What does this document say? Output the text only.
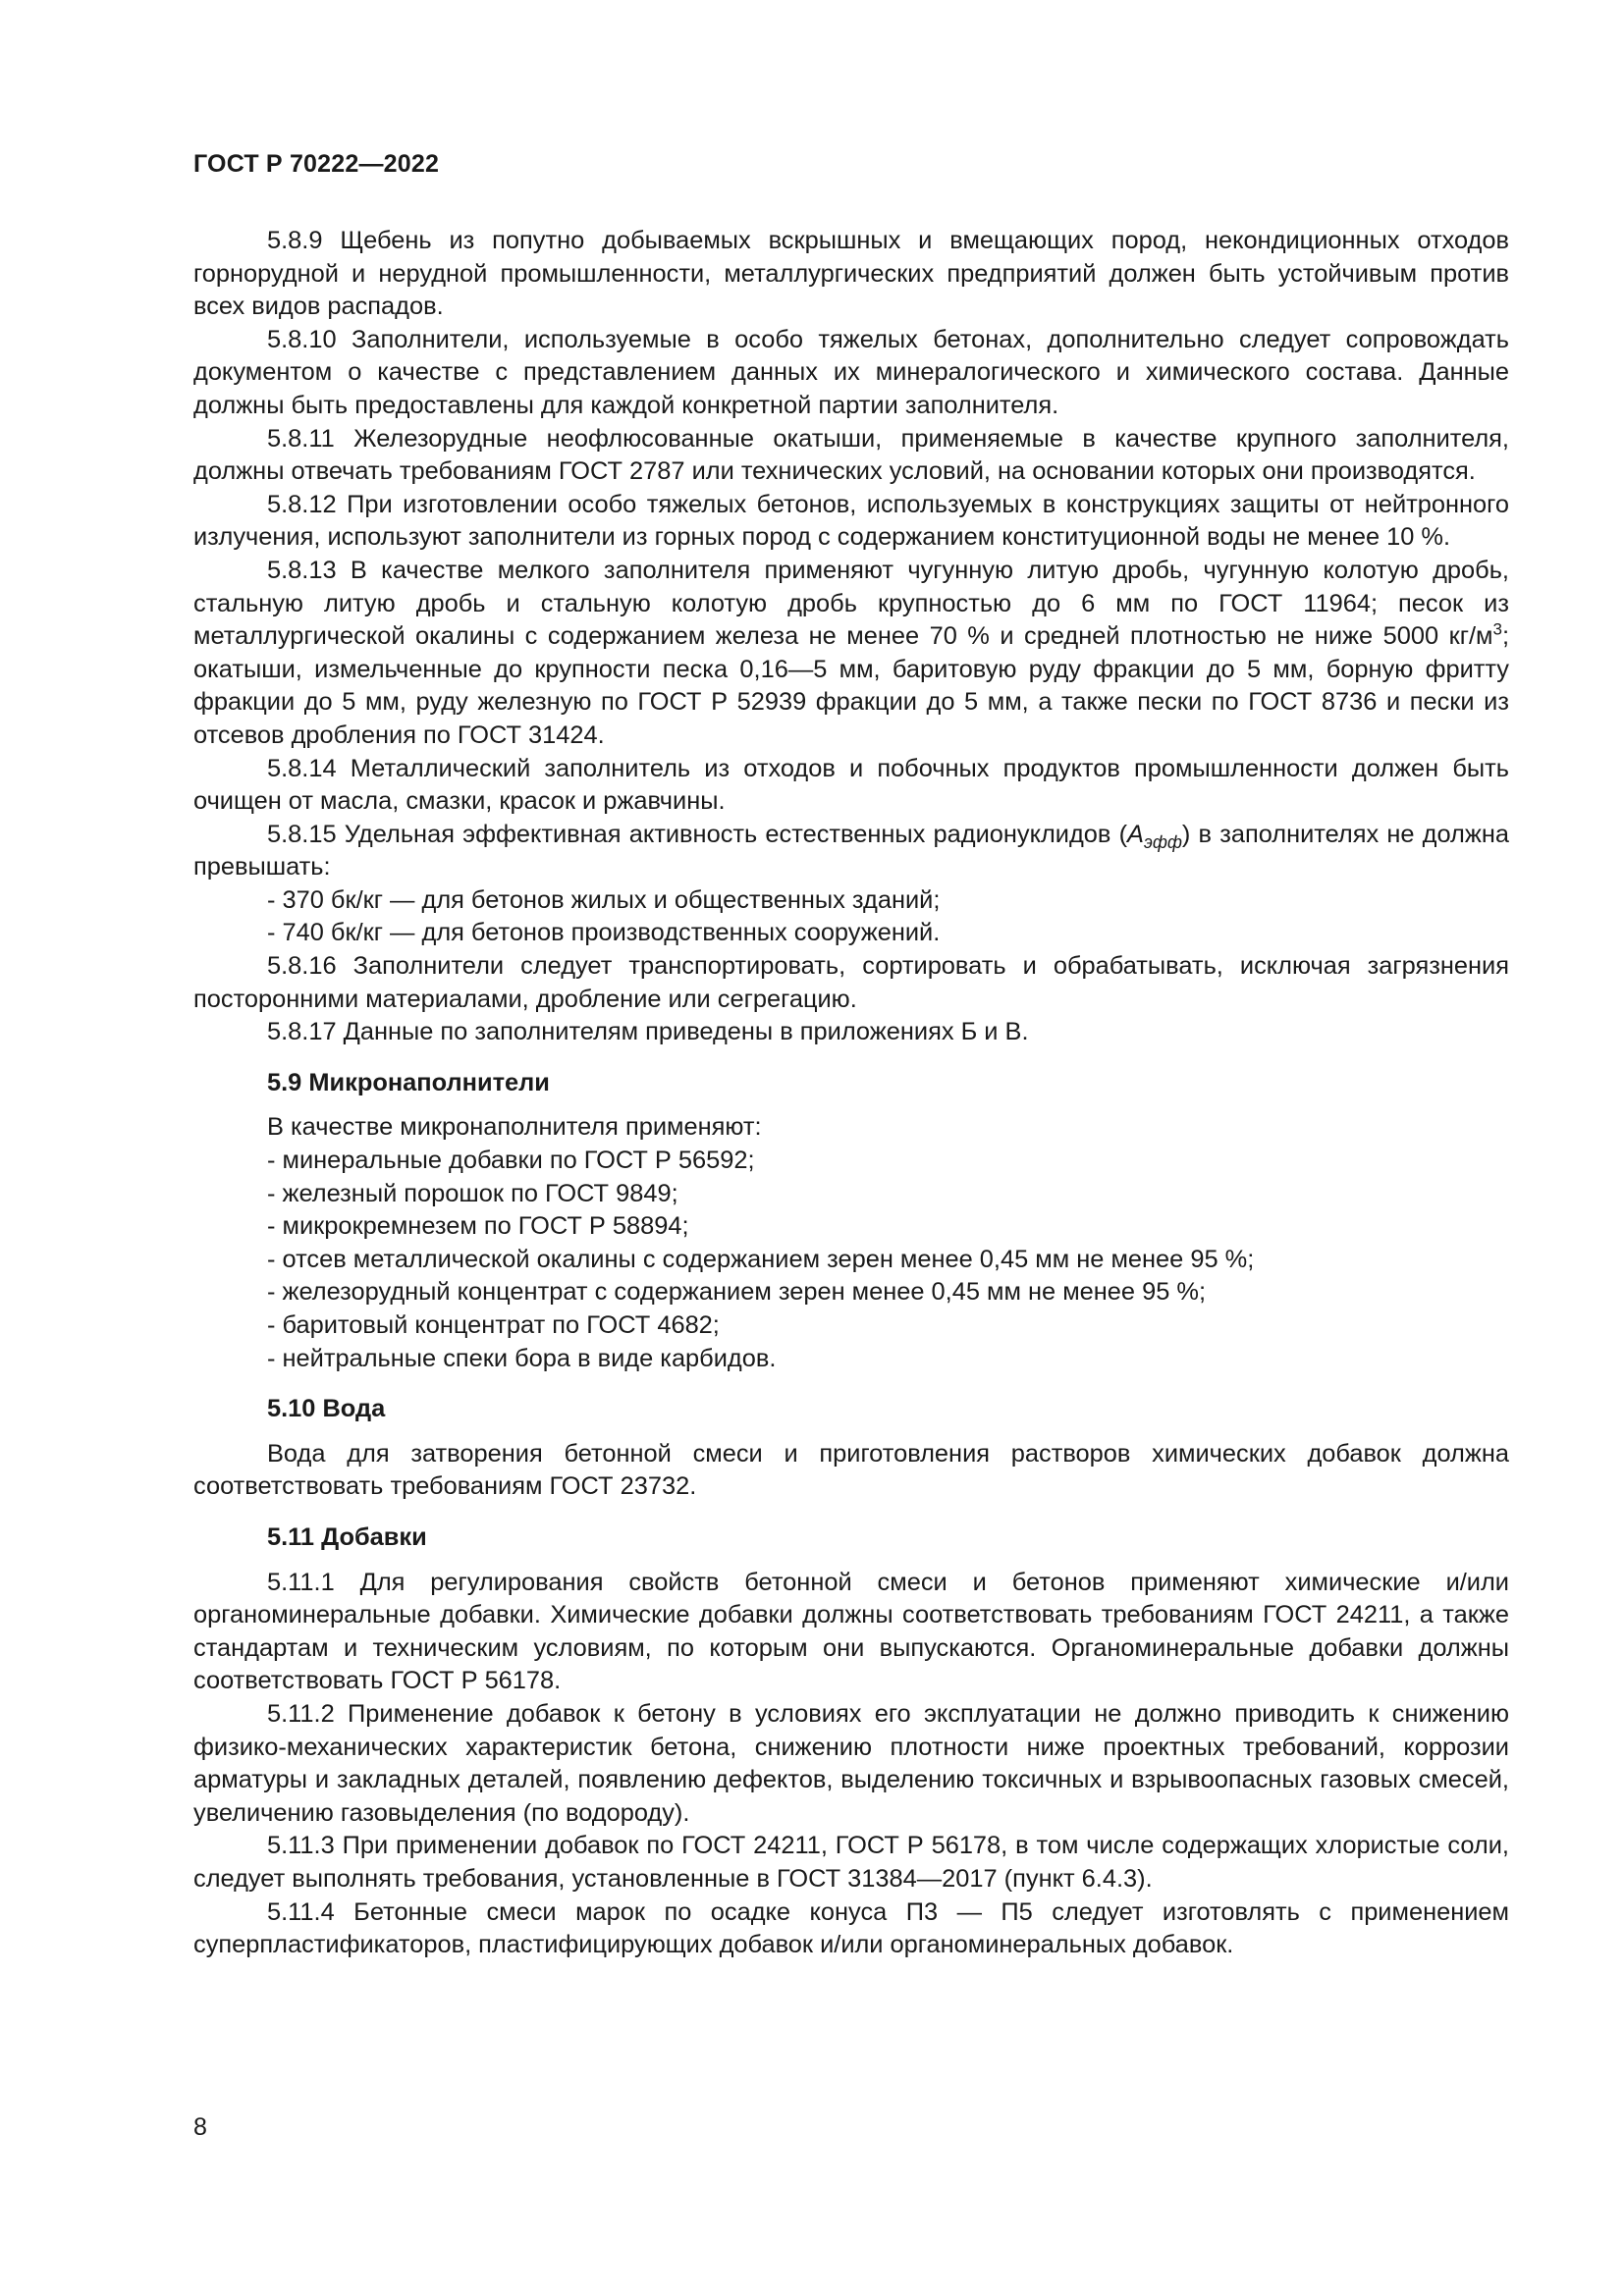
ГОСТ Р 70222—2022

5.8.9 Щебень из попутно добываемых вскрышных и вмещающих пород, некондиционных отходов горнорудной и нерудной промышленности, металлургических предприятий должен быть устойчивым против всех видов распадов.

5.8.10 Заполнители, используемые в особо тяжелых бетонах, дополнительно следует сопровождать документом о качестве с представлением данных их минералогического и химического состава. Данные должны быть предоставлены для каждой конкретной партии заполнителя.

5.8.11 Железорудные неофлюсованные окатыши, применяемые в качестве крупного заполнителя, должны отвечать требованиям ГОСТ 2787 или технических условий, на основании которых они производятся.

5.8.12 При изготовлении особо тяжелых бетонов, используемых в конструкциях защиты от нейтронного излучения, используют заполнители из горных пород с содержанием конституционной воды не менее 10 %.

5.8.13 В качестве мелкого заполнителя применяют чугунную литую дробь, чугунную колотую дробь, стальную литую дробь и стальную колотую дробь крупностью до 6 мм по ГОСТ 11964; песок из металлургической окалины с содержанием железа не менее 70 % и средней плотностью не ниже 5000 $кг/м^3$; окатыши, измельченные до крупности песка 0,16—5 мм, баритовую руду фракции до 5 мм, борную фритту фракции до 5 мм, руду железную по ГОСТ Р 52939 фракции до 5 мм, а также пески по ГОСТ 8736 и пески из отсевов дробления по ГОСТ 31424.

5.8.14 Металлический заполнитель из отходов и побочных продуктов промышленности должен быть очищен от масла, смазки, красок и ржавчины.

5.8.15 Удельная эффективная активность естественных радионуклидов $(А_{эфф})$ в заполнителях не должна превышать:

- 370 бк/кг — для бетонов жилых и общественных зданий;

- 740 бк/кг — для бетонов производственных сооружений.

5.8.16 Заполнители следует транспортировать, сортировать и обрабатывать, исключая загрязнения посторонними материалами, дробление или сегрегацию.

5.8.17 Данные по заполнителям приведены в приложениях Б и В.

5.9 Микронаполнители

В качестве микронаполнителя применяют:

- минеральные добавки по ГОСТ Р 56592;

- железный порошок по ГОСТ 9849;

- микрокремнезем по ГОСТ Р 58894;

- отсев металлической окалины с содержанием зерен менее 0,45 мм не менее 95 %;

- железорудный концентрат с содержанием зерен менее 0,45 мм не менее 95 %;

- баритовый концентрат по ГОСТ 4682;

- нейтральные спеки бора в виде карбидов.

5.10 Вода

Вода для затворения бетонной смеси и приготовления растворов химических добавок должна соответствовать требованиям ГОСТ 23732.

5.11 Добавки

5.11.1 Для регулирования свойств бетонной смеси и бетонов применяют химические и/или органоминеральные добавки. Химические добавки должны соответствовать требованиям ГОСТ 24211, а также стандартам и техническим условиям, по которым они выпускаются. Органоминеральные добавки должны соответствовать ГОСТ Р 56178.

5.11.2 Применение добавок к бетону в условиях его эксплуатации не должно приводить к снижению физико-механических характеристик бетона, снижению плотности ниже проектных требований, коррозии арматуры и закладных деталей, появлению дефектов, выделению токсичных и взрывоопасных газовых смесей, увеличению газовыделения (по водороду).

5.11.3 При применении добавок по ГОСТ 24211, ГОСТ Р 56178, в том числе содержащих хлористые соли, следует выполнять требования, установленные в ГОСТ 31384—2017 (пункт 6.4.3).

5.11.4 Бетонные смеси марок по осадке конуса П3 — П5 следует изготовлять с применением суперпластификаторов, пластифицирующих добавок и/или органоминеральных добавок.

8
